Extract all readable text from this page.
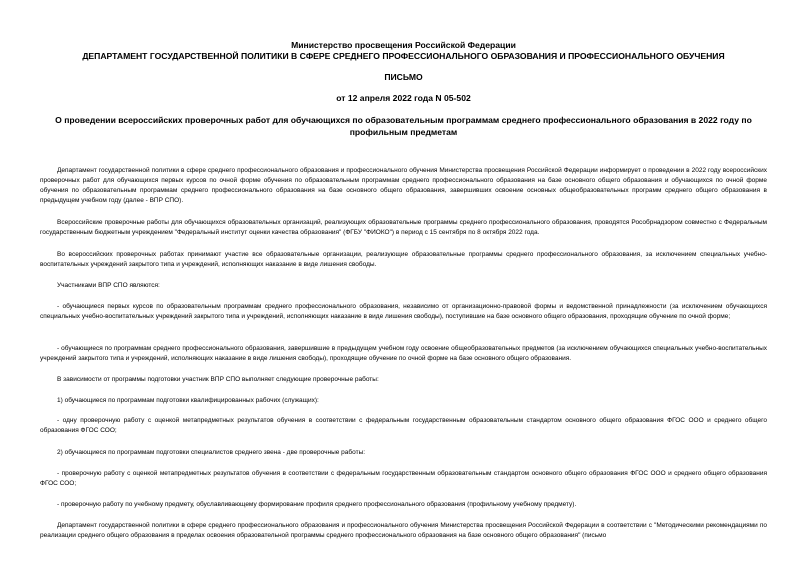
Министерство просвещения Российской Федерации

ДЕПАРТАМЕНТ ГОСУДАРСТВЕННОЙ ПОЛИТИКИ В СФЕРЕ СРЕДНЕГО ПРОФЕССИОНАЛЬНОГО ОБРАЗОВАНИЯ И ПРОФЕССИОНАЛЬНОГО ОБУЧЕНИЯ

ПИСЬМО

от 12 апреля 2022 года N 05-502

О проведении всероссийских проверочных работ для обучающихся по образовательным программам среднего профессионального образования в 2022 году по профильным предметам

Департамент государственной политики в сфере среднего профессионального образования и профессионального обучения Министерства просвещения Российской Федерации информирует о проведении в 2022 году всероссийских проверочных работ для обучающихся первых курсов по очной форме обучения по образовательным программам среднего профессионального образования на базе основного общего образования и обучающихся по очной форме обучения по образовательным программам среднего профессионального образования на базе основного общего образования, завершивших освоение основных общеобразовательных программ среднего общего образования в предыдущем учебном году (далее - ВПР СПО).

Всероссийские проверочные работы для обучающихся образовательных организаций, реализующих образовательные программы среднего профессионального образования, проводятся Рособрнадзором совместно с Федеральным государственным бюджетным учреждением "Федеральный институт оценки качества образования" (ФГБУ "ФИОКО") в период с 15 сентября по 8 октября 2022 года.

Во всероссийских проверочных работах принимают участие все образовательные организации, реализующие образовательные программы среднего профессионального образования, за исключением специальных учебно-воспитательных учреждений закрытого типа и учреждений, исполняющих наказание в виде лишения свободы.

Участниками ВПР СПО являются:

- обучающиеся первых курсов по образовательным программам среднего профессионального образования, независимо от организационно-правовой формы и ведомственной принадлежности (за исключением обучающихся специальных учебно-воспитательных учреждений закрытого типа и учреждений, исполняющих наказание в виде лишения свободы), поступившие на базе основного общего образования, проходящие обучение по очной форме;

- обучающиеся по программам среднего профессионального образования, завершившие в предыдущем учебном году освоение общеобразовательных предметов (за исключением обучающихся специальных учебно-воспитательных учреждений закрытого типа и учреждений, исполняющих наказание в виде лишения свободы), проходящие обучение по очной форме на базе основного общего образования.

В зависимости от программы подготовки участник ВПР СПО выполняет следующие проверочные работы:

1) обучающиеся по программам подготовки квалифицированных рабочих (служащих):

- одну проверочную работу с оценкой метапредметных результатов обучения в соответствии с федеральным государственным образовательным стандартом основного общего образования ФГОС ООО и среднего общего образования ФГОС СОО;

2) обучающиеся по программам подготовки специалистов среднего звена - две проверочные работы:

- проверочную работу с оценкой метапредметных результатов обучения в соответствии с федеральным государственным образовательным стандартом основного общего образования ФГОС ООО и среднего общего образования ФГОС СОО;

- проверочную работу по учебному предмету, обуславливающему формирование профиля среднего профессионального образования (профильному учебному предмету).

Департамент государственной политики в сфере среднего профессионального образования и профессионального обучения Министерства просвещения Российской Федерации в соответствии с "Методическими рекомендациями по реализации среднего общего образования в пределах освоения образовательной программы среднего профессионального образования на базе основного общего образования" (письмо
